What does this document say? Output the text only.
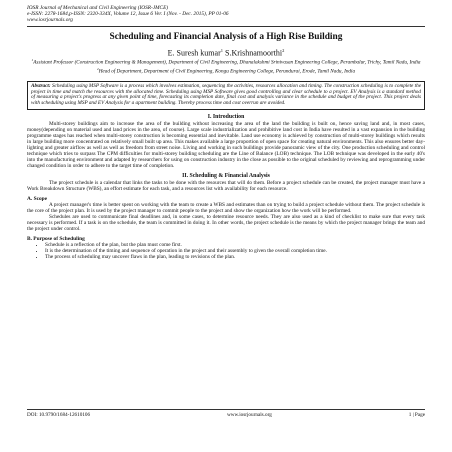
IOSR Journal of Mechanical and Civil Engineering (IOSR-JMCE)
e-ISSN: 2278-1684,p-ISSN: 2320-334X, Volume 12, Issue 6 Ver. I (Nov. - Dec. 2015), PP 01-06
www.iosrjournals.org
Scheduling and Financial Analysis of a High Rise Building
E. Suresh kumar$^1$ S.Krishnamoorthi$^2$
$^1$Assistant Professor (Construction Engineering & Management), Department of Civil Engineering, Dhanalakshmi Srinivasan Engineering College, Perambalur, Trichy, Tamil Nadu, India
$^2$Head of Department, Department of Civil Engineering, Kongu Engineering College, Perundurai, Erode, Tamil Nadu, India
Abstract: Scheduling using MSP Software is a process which involves estimation, sequencing the activities, resources allocation and timing. The construction scheduling is to complete the project in time and match the resources with the allocated time. Scheduling using MSP Software gives good controlling and clear schedule to a project. EV Analysis is a standard method of measuring a project's progress at any given point of time, forecasting its completion date, final cost and analysis variance in the schedule and budget of the project. This project deals with scheduling using MSP and EV Analysis for a apartment building. Thereby process time and cost overrun are avoided.
I. Introduction

Multi-storey buildings aim to increase the area of the building without increasing the area of the land the building is built on, hence saving land and, in most cases, money(depending on material used and land prices in the area, of course). Large scale industrialization and prohibitive land cost in India have resulted in a vast expansion in the building programme stages has reached when multi-storey construction is becoming essential and inevitable. Land use economy is achieved by construction of multi-storey buildings which results in large building more concentrated on relatively small built up area. This makes available a large proportion of open space for creating natural environments. This also ensures better day-lighting and greater airflow as well as well as freedom from street noise. Living and working in such buildings provide panoramic view of the city. One production scheduling and control technique which tries to surpass The CPM difficulties for multi-storey building scheduling are the Line of Balance (LOB) technique. The LOB technique was developed in the early 40's into the manufacturing environment and adapted by researchers for using on construction industry in the close as possible to the original scheduled by reviewing and reprogramming under changed condition in order to adhere to the target time of completion.

II. Scheduling & Financial Analysis

The project schedule is a calendar that links the tasks to be done with the resources that will do them. Before a project schedule can be created, the project manager must have a Work Breakdown Structure (WBS), an effort estimate for each task, and a resources list with availability for each resource.

A. Scope

A project manager's time is better spent on working with the team to create a WBS and estimates than on trying to build a project schedule without them. The project schedule is the core of the project plan. It is used by the project manager to commit people to the project and show the organization how the work will be performed.

Schedules are used to communicate final deadlines and, in some cases, to determine resource needs. They are also used as a kind of checklist to make sure that every task necessary is performed. If a task is on the schedule, the team is committed in doing it. In other words, the project schedule is the means by which the project manager brings the team and the project under control.

B. Purpose of Scheduling
• Schedule is a reflection of the plan, but the plan must come first.
• It is the determination of the timing and sequence of operation in the project and their assembly to given the overall completion time.
• The process of scheduling may uncover flaws in the plan, leading to revisions of the plan.
DOI: 10.9790/1684-12610106	www.iosrjournals.org	1 | Page
